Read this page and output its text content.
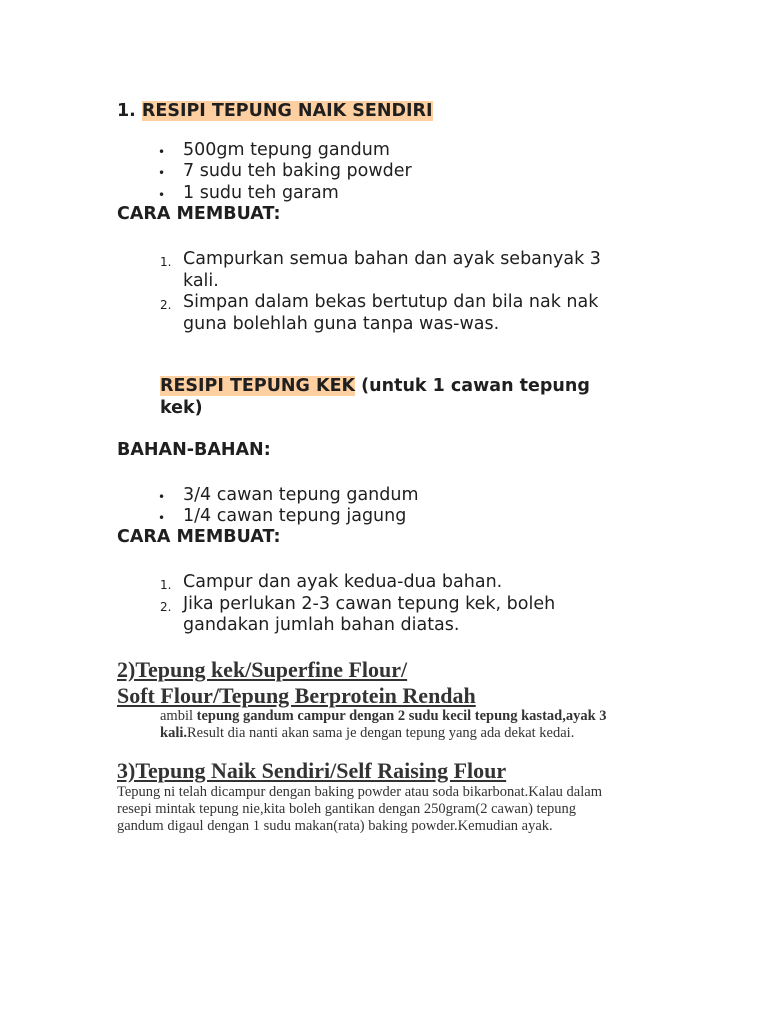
1. RESIPI TEPUNG NAIK SENDIRI
• 500gm tepung gandum
• 7 sudu teh baking powder
• 1 sudu teh garam
CARA MEMBUAT:
1. Campurkan semua bahan dan ayak sebanyak 3
kali.
2. Simpan dalam bekas bertutup dan bila nak nak
guna bolehlah guna tanpa was-was.
RESIPI TEPUNG KEK (untuk 1 cawan tepung
kek)
BAHAN-BAHAN:
• 3/4 cawan tepung gandum
• 1/4 cawan tepung jagung
CARA MEMBUAT:
1. Campur dan ayak kedua-dua bahan.
2. Jika perlukan 2-3 cawan tepung kek, boleh
gandakan jumlah bahan diatas.
2)Tepung kek/Superfine Flour/
Soft Flour/Tepung Berprotein Rendah
ambil tepung gandum campur dengan 2 sudu kecil tepung kastad,ayak 3
kali.Result dia nanti akan sama je dengan tepung yang ada dekat kedai.
3)Tepung Naik Sendiri/Self Raising Flour
Tepung ni telah dicampur dengan baking powder atau soda bikarbonat.Kalau dalam
resepi mintak tepung nie,kita boleh gantikan dengan 250gram(2 cawan) tepung
gandum digaul dengan 1 sudu makan(rata) baking powder.Kemudian ayak.
